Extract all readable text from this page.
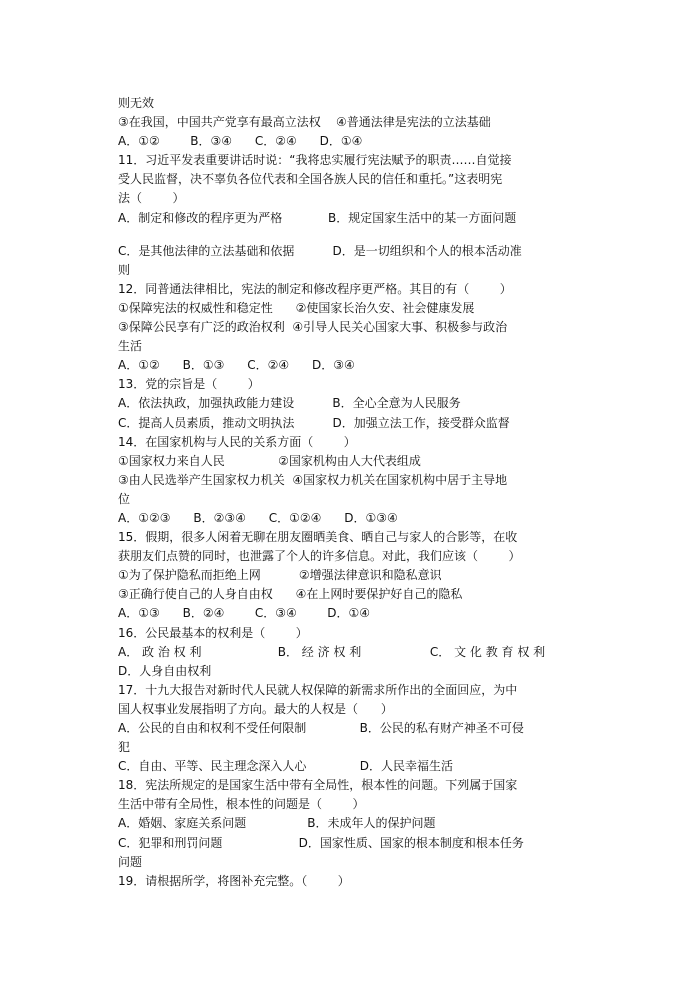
则无效
③在我国，中国共产党享有最高立法权    ④普通法律是宪法的立法基础
A．①②        B．③④      C．②④      D．①④
11．习近平发表重要讲话时说：“我将忠实履行宪法赋予的职责……自觉接
受人民监督，决不辜负各位代表和全国各族人民的信任和重托。”这表明宪
法（        ）
A．制定和修改的程序更为严格            B．规定国家生活中的某一方面问题
C．是其他法律的立法基础和依据          D．是一切组织和个人的根本活动准
则
12．同普通法律相比，宪法的制定和修改程序更严格。其目的有（        ）
①保障宪法的权威性和稳定性      ②使国家长治久安、社会健康发展
③保障公民享有广泛的政治权利  ④引导人民关心国家大事、积极参与政治
生活
A．①②      B．①③      C．②④      D．③④
13．党的宗旨是（        ）
A．依法执政，加强执政能力建设          B．全心全意为人民服务
C．提高人员素质，推动文明执法          D．加强立法工作，接受群众监督
14．在国家机构与人民的关系方面（        ）
①国家权力来自人民              ②国家机构由人大代表组成
③由人民选举产生国家权力机关  ④国家权力机关在国家机构中居于主导地
位
A．①②③      B．②③④      C．①②④      D．①③④
15．假期，很多人闲着无聊在朋友圈晒美食、晒自己与家人的合影等，在收
获朋友们点赞的同时，也泄露了个人的许多信息。对此，我们应该（        ）
①为了保护隐私而拒绝上网          ②增强法律意识和隐私意识
③正确行使自己的人身自由权      ④在上网时要保护好自己的隐私
A．①③      B．②④        C．③④        D．①④
16．公民最基本的权利是（        ）
A． 政 治 权 利                    B． 经 济 权 利                  C． 文 化 教 育 权 利
D．人身自由权利
17．十九大报告对新时代人民就人权保障的新需求所作出的全面回应，为中
国人权事业发展指明了方向。最大的人权是（      ）
A．公民的自由和权利不受任何限制              B．公民的私有财产神圣不可侵
犯
C．自由、平等、民主理念深入人心              D．人民幸福生活
18．宪法所规定的是国家生活中带有全局性，根本性的问题。下列属于国家
生活中带有全局性，根本性的问题是（        ）
A．婚姻、家庭关系问题                B．未成年人的保护问题
C．犯罪和刑罚问题                    D．国家性质、国家的根本制度和根本任务
问题
19．请根据所学，将图补充完整。（        ）
